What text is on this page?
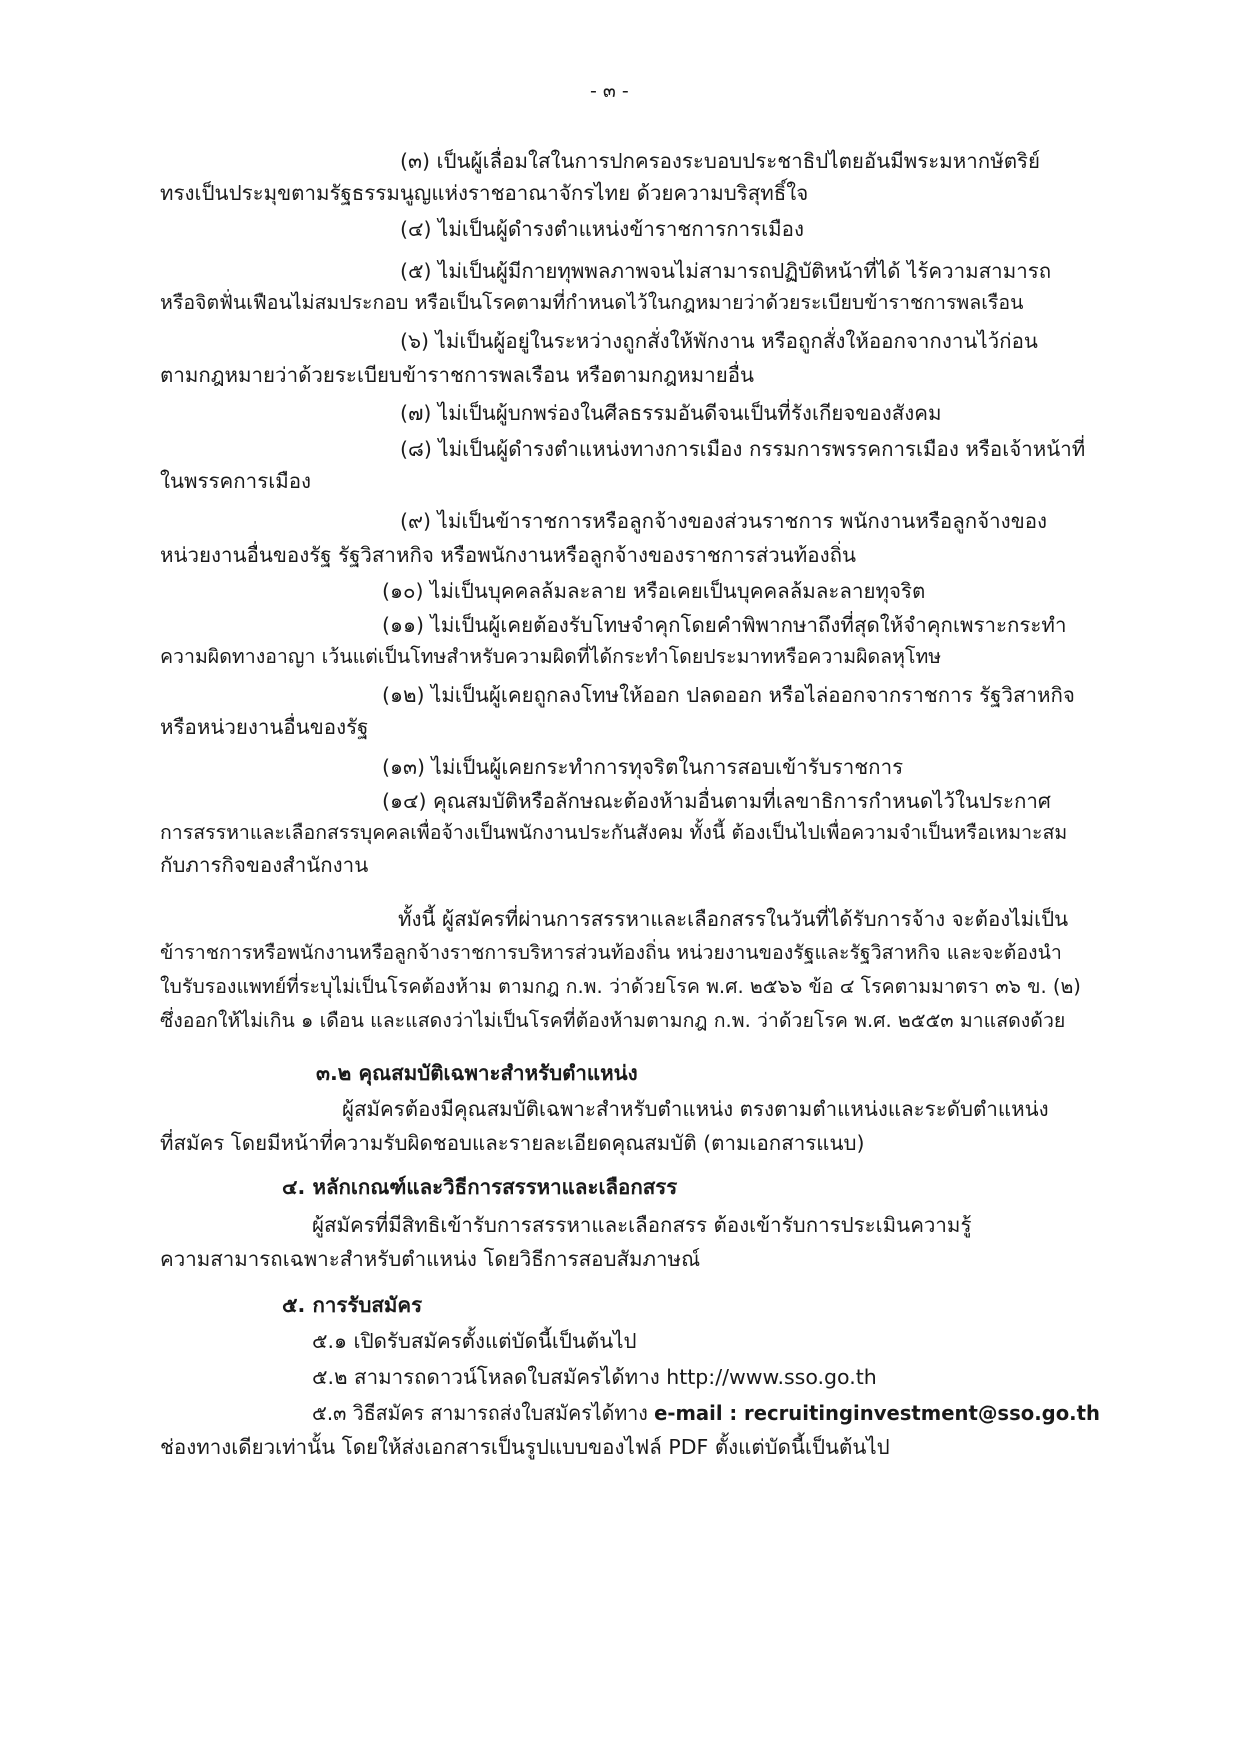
- ๓ -
(๓) เป็นผู้เลื่อมใสในการปกครองระบอบประชาธิปไตยอันมีพระมหากษัตริย์
ทรงเป็นประมุขตามรัฐธรรมนูญแห่งราชอาณาจักรไทย ด้วยความบริสุทธิ์ใจ
(๔) ไม่เป็นผู้ดำรงตำแหน่งข้าราชการการเมือง
(๕) ไม่เป็นผู้มีกายทุพพลภาพจนไม่สามารถปฏิบัติหน้าที่ได้ ไร้ความสามารถ
หรือจิตฟั่นเฟือนไม่สมประกอบ หรือเป็นโรคตามที่กำหนดไว้ในกฎหมายว่าด้วยระเบียบข้าราชการพลเรือน
(๖) ไม่เป็นผู้อยู่ในระหว่างถูกสั่งให้พักงาน หรือถูกสั่งให้ออกจากงานไว้ก่อน
ตามกฎหมายว่าด้วยระเบียบข้าราชการพลเรือน หรือตามกฎหมายอื่น
(๗) ไม่เป็นผู้บกพร่องในศีลธรรมอันดีจนเป็นที่รังเกียจของสังคม
(๘) ไม่เป็นผู้ดำรงตำแหน่งทางการเมือง กรรมการพรรคการเมือง หรือเจ้าหน้าที่
ในพรรคการเมือง
(๙) ไม่เป็นข้าราชการหรือลูกจ้างของส่วนราชการ พนักงานหรือลูกจ้างของ
หน่วยงานอื่นของรัฐ รัฐวิสาหกิจ หรือพนักงานหรือลูกจ้างของราชการส่วนท้องถิ่น
(๑๐) ไม่เป็นบุคคลล้มละลาย หรือเคยเป็นบุคคลล้มละลายทุจริต
(๑๑) ไม่เป็นผู้เคยต้องรับโทษจำคุกโดยคำพิพากษาถึงที่สุดให้จำคุกเพราะกระทำ
ความผิดทางอาญา เว้นแต่เป็นโทษสำหรับความผิดที่ได้กระทำโดยประมาทหรือความผิดลหุโทษ
(๑๒) ไม่เป็นผู้เคยถูกลงโทษให้ออก ปลดออก หรือไล่ออกจากราชการ รัฐวิสาหกิจ
หรือหน่วยงานอื่นของรัฐ
(๑๓) ไม่เป็นผู้เคยกระทำการทุจริตในการสอบเข้ารับราชการ
(๑๔) คุณสมบัติหรือลักษณะต้องห้ามอื่นตามที่เลขาธิการกำหนดไว้ในประกาศ
การสรรหาและเลือกสรรบุคคลเพื่อจ้างเป็นพนักงานประกันสังคม ทั้งนี้ ต้องเป็นไปเพื่อความจำเป็นหรือเหมาะสม
กับภารกิจของสำนักงาน
ทั้งนี้ ผู้สมัครที่ผ่านการสรรหาและเลือกสรรในวันที่ได้รับการจ้าง จะต้องไม่เป็น
ข้าราชการหรือพนักงานหรือลูกจ้างราชการบริหารส่วนท้องถิ่น หน่วยงานของรัฐและรัฐวิสาหกิจ และจะต้องนำ
ใบรับรองแพทย์ที่ระบุไม่เป็นโรคต้องห้าม ตามกฎ ก.พ. ว่าด้วยโรค พ.ศ. ๒๕๖๖ ข้อ ๔ โรคตามมาตรา ๓๖ ข. (๒)
ซึ่งออกให้ไม่เกิน ๑ เดือน และแสดงว่าไม่เป็นโรคที่ต้องห้ามตามกฎ ก.พ. ว่าด้วยโรค พ.ศ. ๒๕๕๓ มาแสดงด้วย
๓.๒ คุณสมบัติเฉพาะสำหรับตำแหน่ง
ผู้สมัครต้องมีคุณสมบัติเฉพาะสำหรับตำแหน่ง ตรงตามตำแหน่งและระดับตำแหน่ง
ที่สมัคร โดยมีหน้าที่ความรับผิดชอบและรายละเอียดคุณสมบัติ (ตามเอกสารแนบ)
๔. หลักเกณฑ์และวิธีการสรรหาและเลือกสรร
ผู้สมัครที่มีสิทธิเข้ารับการสรรหาและเลือกสรร ต้องเข้ารับการประเมินความรู้
ความสามารถเฉพาะสำหรับตำแหน่ง โดยวิธีการสอบสัมภาษณ์
๕. การรับสมัคร
๕.๑ เปิดรับสมัครตั้งแต่บัดนี้เป็นต้นไป
๕.๒ สามารถดาวน์โหลดใบสมัครได้ทาง http://www.sso.go.th
๕.๓ วิธีสมัคร สามารถส่งใบสมัครได้ทาง e-mail : recruitinginvestment@sso.go.th
ช่องทางเดียวเท่านั้น โดยให้ส่งเอกสารเป็นรูปแบบของไฟล์ PDF ตั้งแต่บัดนี้เป็นต้นไป
